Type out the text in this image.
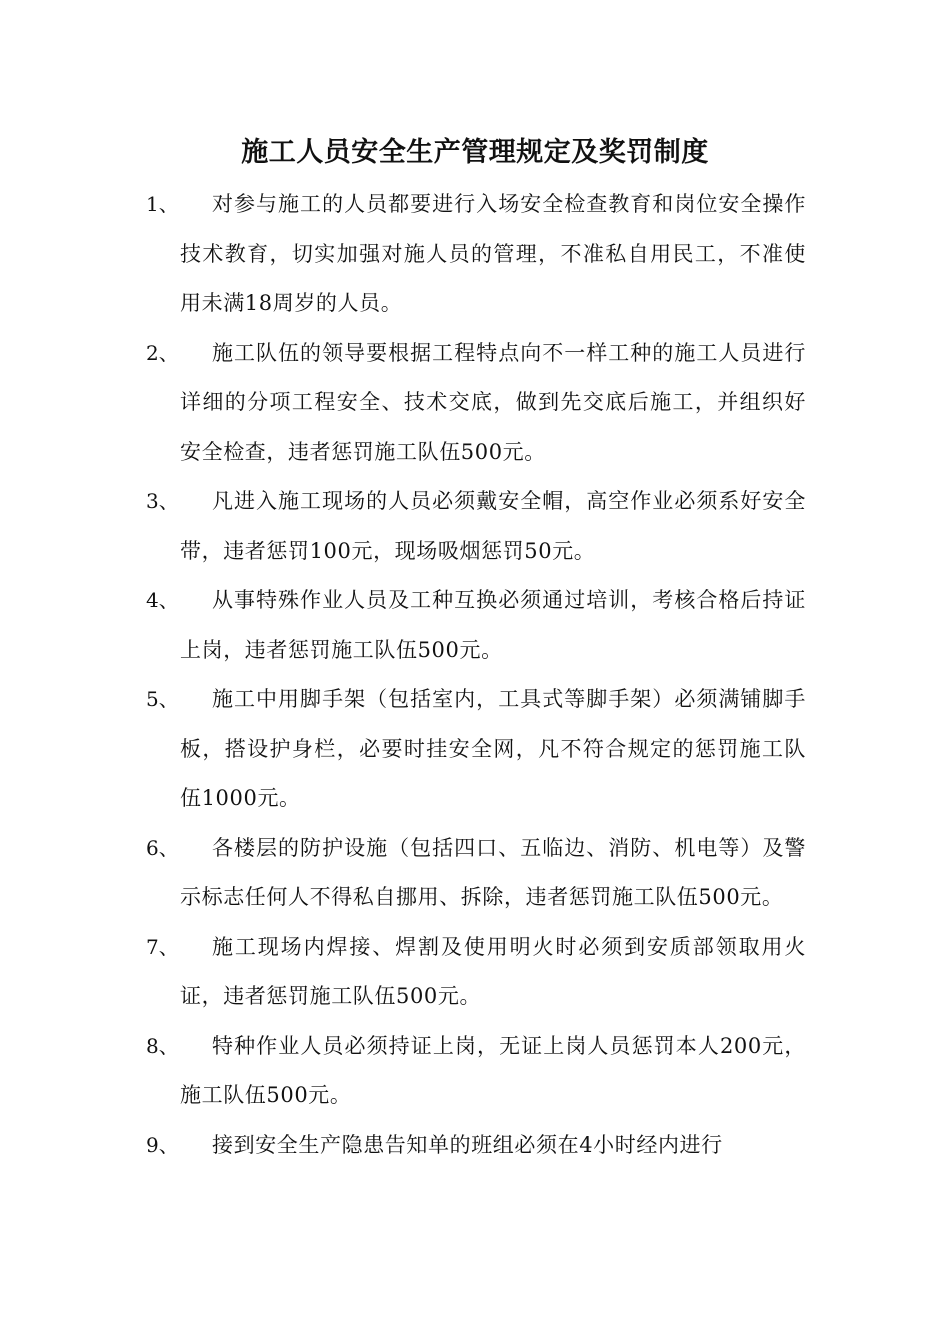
施工人员安全生产管理规定及奖罚制度
1、 对参与施工的人员都要进行入场安全检查教育和岗位安全操作技术教育，切实加强对施人员的管理，不准私自用民工，不准使用未满18周岁的人员。
2、 施工队伍的领导要根据工程特点向不一样工种的施工人员进行详细的分项工程安全、技术交底，做到先交底后施工，并组织好安全检查，违者惩罚施工队伍500元。
3、 凡进入施工现场的人员必须戴安全帽，高空作业必须系好安全带，违者惩罚100元，现场吸烟惩罚50元。
4、 从事特殊作业人员及工种互换必须通过培训，考核合格后持证上岗，违者惩罚施工队伍500元。
5、 施工中用脚手架（包括室内，工具式等脚手架）必须满铺脚手板，搭设护身栏，必要时挂安全网，凡不符合规定的惩罚施工队伍1000元。
6、 各楼层的防护设施（包括四口、五临边、消防、机电等）及警示标志任何人不得私自挪用、拆除，违者惩罚施工队伍500元。
7、 施工现场内焊接、焊割及使用明火时必须到安质部领取用火证，违者惩罚施工队伍500元。
8、 特种作业人员必须持证上岗，无证上岗人员惩罚本人200元，施工队伍500元。
9、 接到安全生产隐患告知单的班组必须在4小时经内进行
